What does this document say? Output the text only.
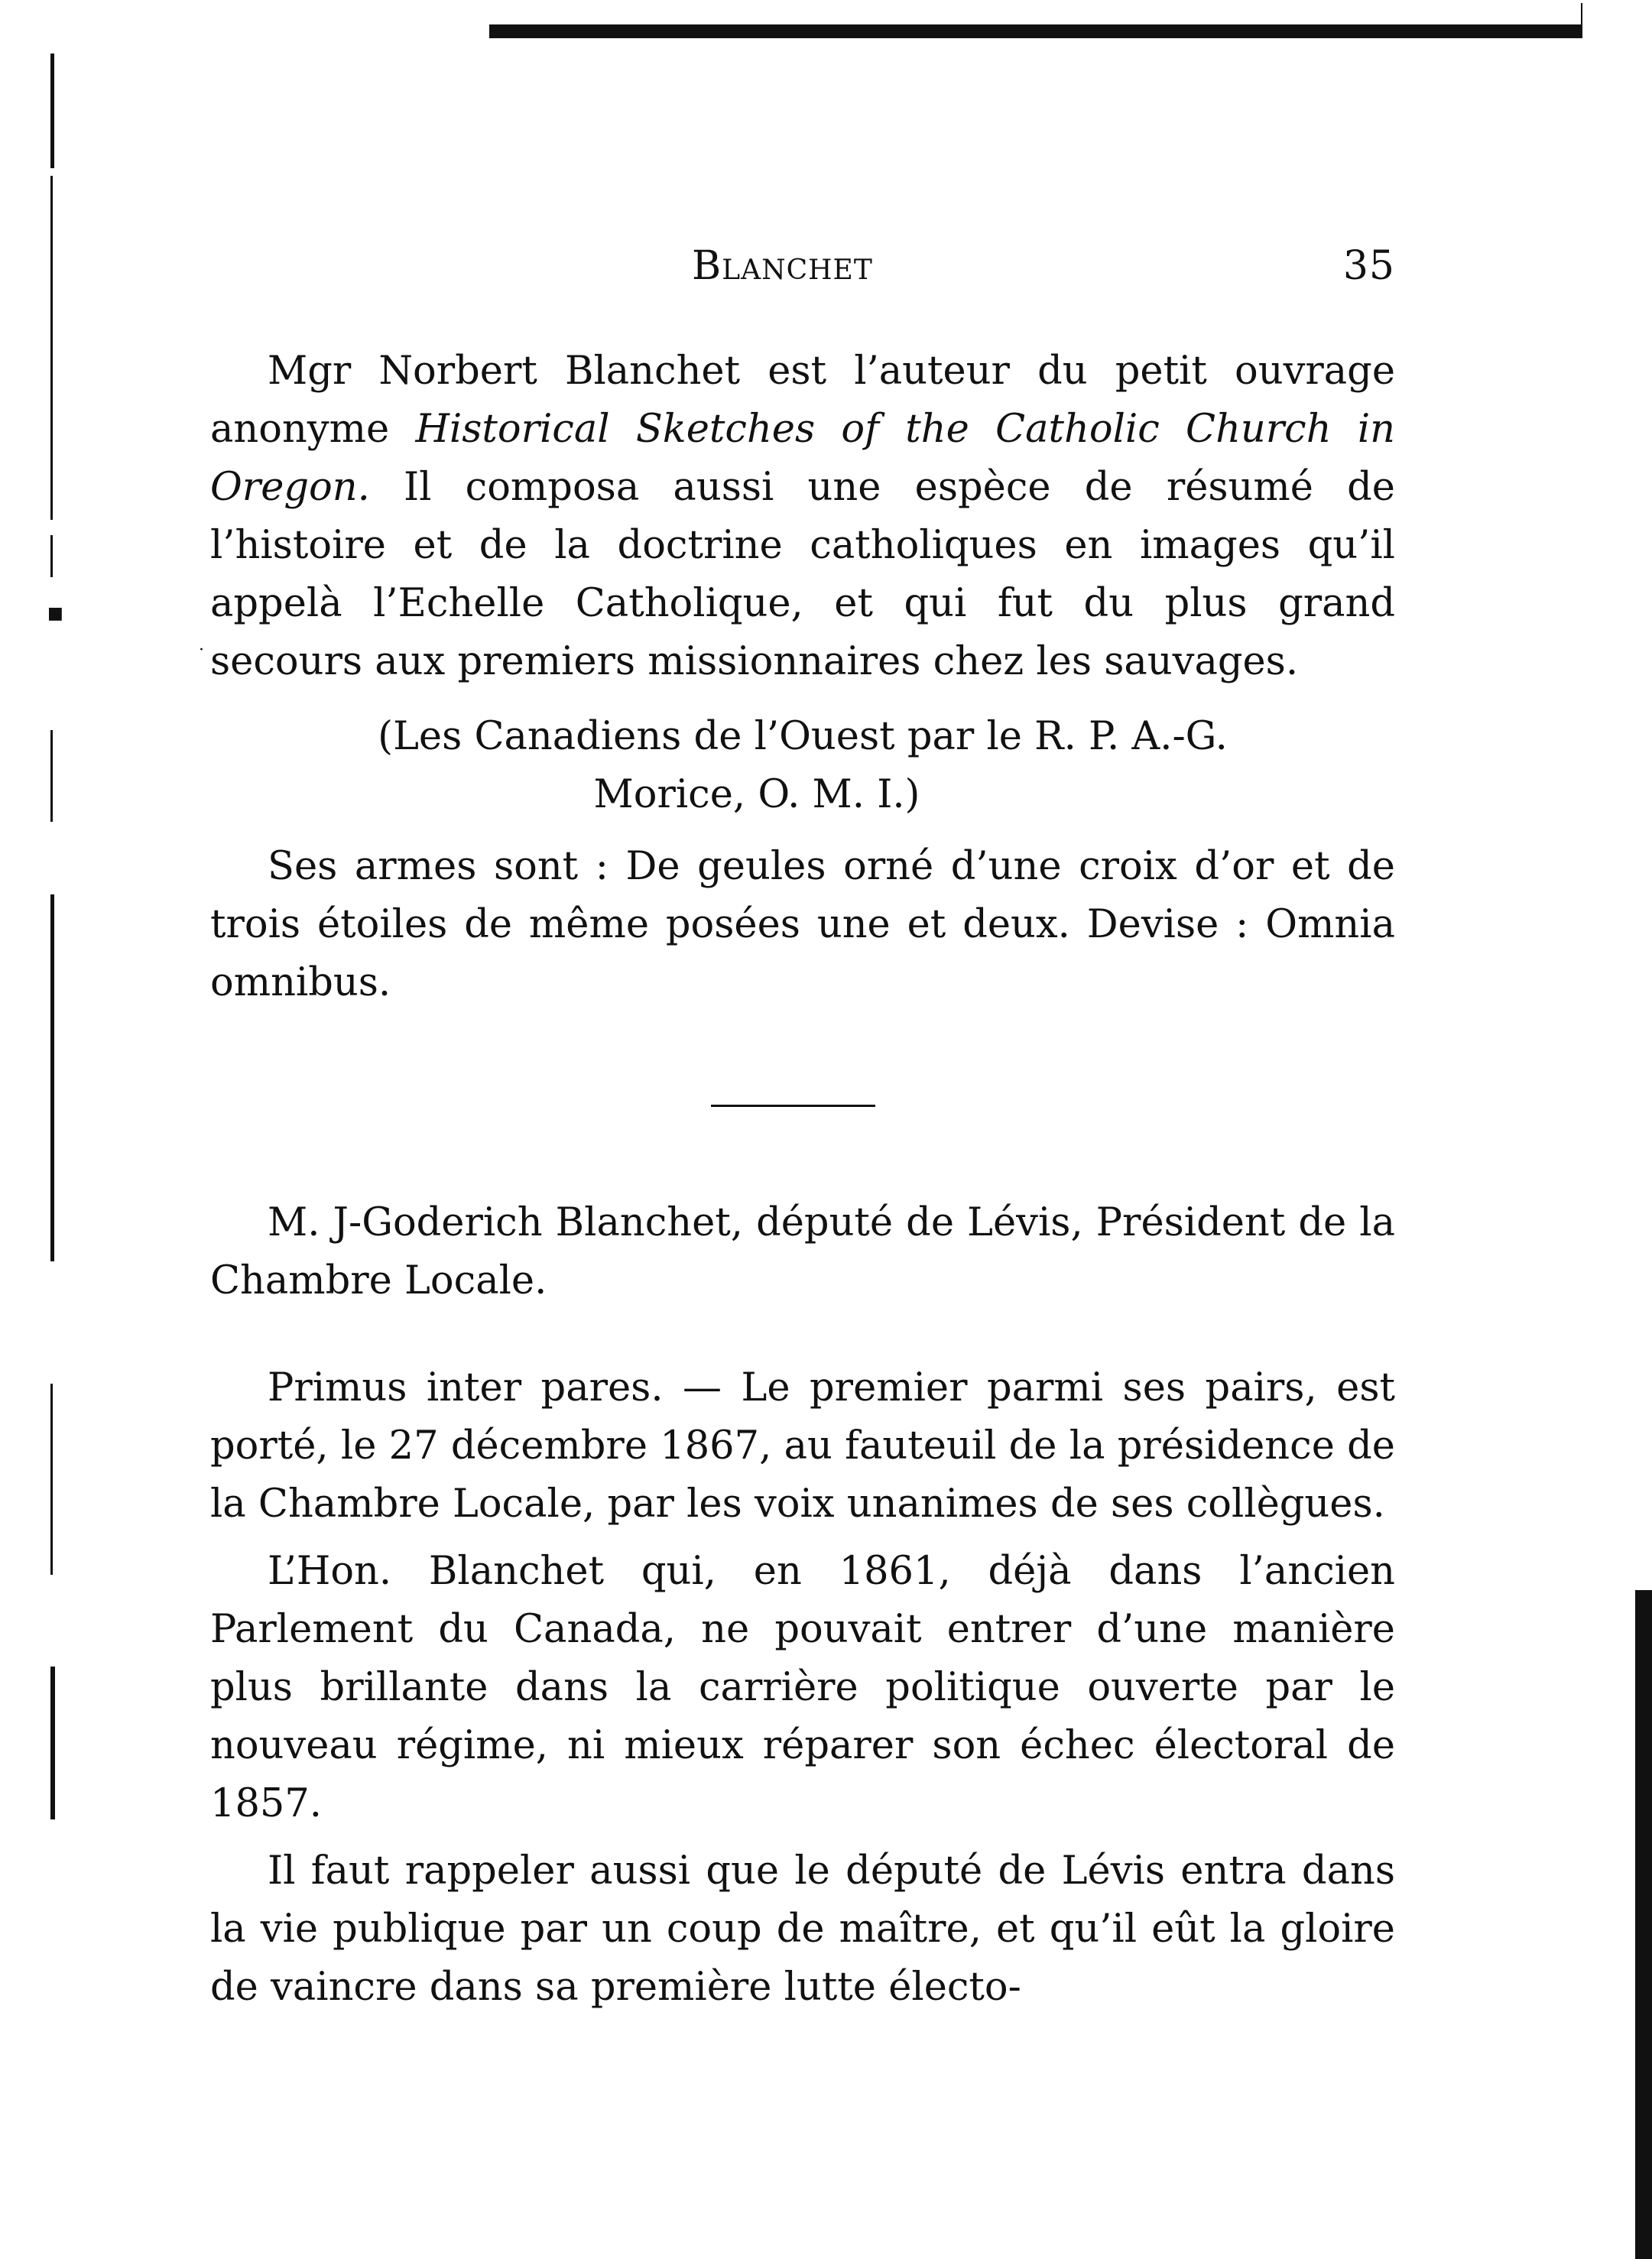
■
·
Blanchet	35

Mgr Norbert Blanchet est l’auteur du petit ouvrage anonyme Historical Sketches of the Catholic Church in Oregon. Il composa aussi une espèce de résumé de l’histoire et de la doctrine catholiques en images qu’il appelà l’Echelle Catholique, et qui fut du plus grand secours aux premiers missionnaires chez les sauvages.

(Les Canadiens de l’Ouest par le R. P. A.-G.

Morice, O. M. I.)

Ses armes sont : De geules orné d’une croix d’or et de trois étoiles de même posées une et deux. Devise : Omnia omnibus.

M. J-Goderich Blanchet, député de Lévis, Président de la Chambre Locale.

Primus inter pares. — Le premier parmi ses pairs, est porté, le 27 décembre 1867, au fauteuil de la présidence de la Chambre Locale, par les voix unanimes de ses collègues.

L’Hon. Blanchet qui, en 1861, déjà dans l’ancien Parlement du Canada, ne pouvait entrer d’une manière plus brillante dans la carrière politique ouverte par le nouveau régime, ni mieux réparer son échec électoral de 1857.

Il faut rappeler aussi que le député de Lévis entra dans la vie publique par un coup de maître, et qu’il eût la gloire de vaincre dans sa première lutte électo-
